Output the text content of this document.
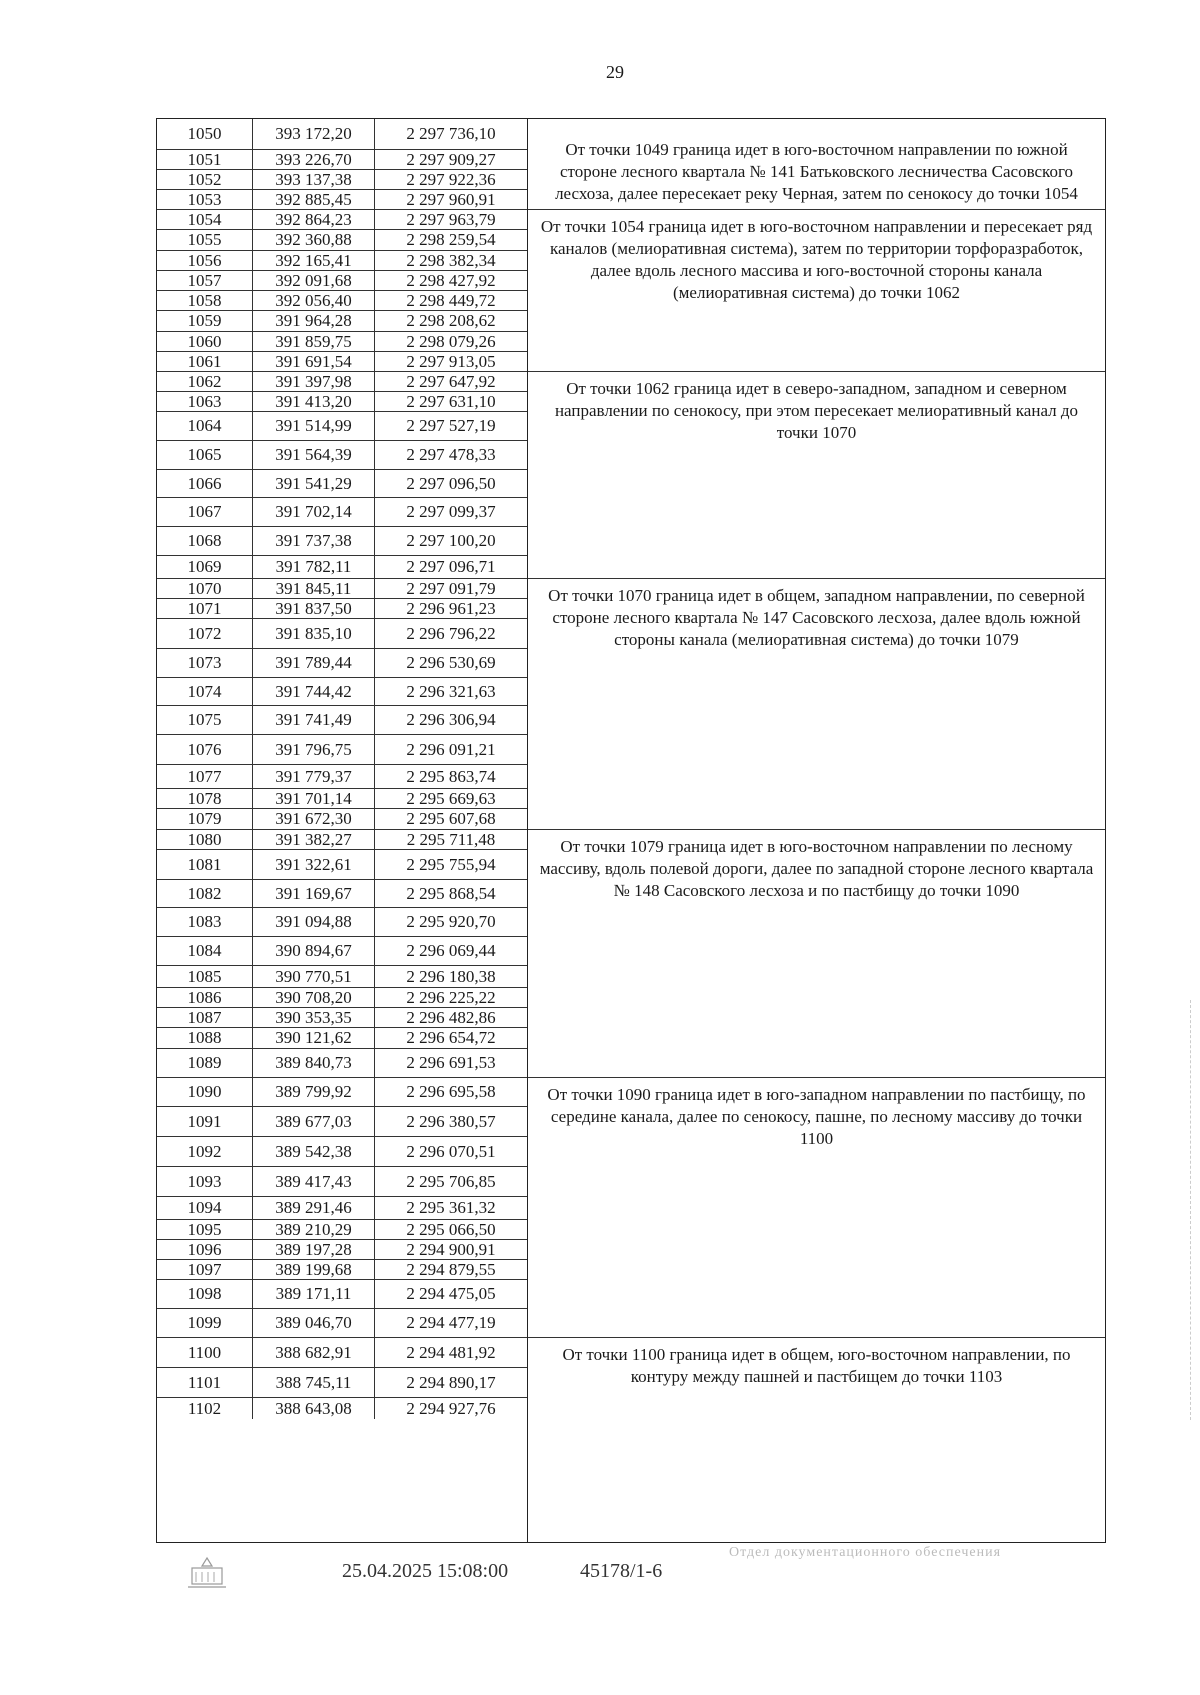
29
1050	393 172,20	2 297 736,10
1051	393 226,70	2 297 909,27
1052	393 137,38	2 297 922,36
1053	392 885,45	2 297 960,91
1054	392 864,23	2 297 963,79
1055	392 360,88	2 298 259,54
1056	392 165,41	2 298 382,34
1057	392 091,68	2 298 427,92
1058	392 056,40	2 298 449,72
1059	391 964,28	2 298 208,62
1060	391 859,75	2 298 079,26
1061	391 691,54	2 297 913,05
1062	391 397,98	2 297 647,92
1063	391 413,20	2 297 631,10
1064	391 514,99	2 297 527,19
1065	391 564,39	2 297 478,33
1066	391 541,29	2 297 096,50
1067	391 702,14	2 297 099,37
1068	391 737,38	2 297 100,20
1069	391 782,11	2 297 096,71
1070	391 845,11	2 297 091,79
1071	391 837,50	2 296 961,23
1072	391 835,10	2 296 796,22
1073	391 789,44	2 296 530,69
1074	391 744,42	2 296 321,63
1075	391 741,49	2 296 306,94
1076	391 796,75	2 296 091,21
1077	391 779,37	2 295 863,74
1078	391 701,14	2 295 669,63
1079	391 672,30	2 295 607,68
1080	391 382,27	2 295 711,48
1081	391 322,61	2 295 755,94
1082	391 169,67	2 295 868,54
1083	391 094,88	2 295 920,70
1084	390 894,67	2 296 069,44
1085	390 770,51	2 296 180,38
1086	390 708,20	2 296 225,22
1087	390 353,35	2 296 482,86
1088	390 121,62	2 296 654,72
1089	389 840,73	2 296 691,53
1090	389 799,92	2 296 695,58
1091	389 677,03	2 296 380,57
1092	389 542,38	2 296 070,51
1093	389 417,43	2 295 706,85
1094	389 291,46	2 295 361,32
1095	389 210,29	2 295 066,50
1096	389 197,28	2 294 900,91
1097	389 199,68	2 294 879,55
1098	389 171,11	2 294 475,05
1099	389 046,70	2 294 477,19
1100	388 682,91	2 294 481,92
1101	388 745,11	2 294 890,17
1102	388 643,08	2 294 927,76
От точки 1049 граница идет в юго-восточном направлении по южной стороне лесного квартала № 141 Батьковского лесничества Сасовского лесхоза, далее пересекает реку Черная, затем по сенокосу до точки 1054
От точки 1054 граница идет в юго-восточном направлении и пересекает ряд каналов (мелиоративная система), затем по территории торфоразработок, далее вдоль лесного массива и юго-восточной стороны канала (мелиоративная система) до точки 1062
От точки 1062 граница идет в северо-западном, западном и северном направлении по сенокосу, при этом пересекает мелиоративный канал до точки 1070
От точки 1070 граница идет в общем, западном направлении, по северной стороне лесного квартала № 147 Сасовского лесхоза, далее вдоль южной стороны канала (мелиоративная система) до точки 1079
От точки 1079 граница идет в юго-восточном направлении по лесному массиву, вдоль полевой дороги, далее по западной стороне лесного квартала № 148 Сасовского лесхоза и по пастбищу до точки 1090
От точки 1090 граница идет в юго-западном направлении по пастбищу, по середине канала, далее по сенокосу, пашне, по лесному массиву до точки 1100
От точки 1100 граница идет в общем, юго-восточном направлении, по контуру между пашней и пастбищем до точки 1103
25.04.2025 15:08:00	45178/1-6
Отдел документационного обеспечения
